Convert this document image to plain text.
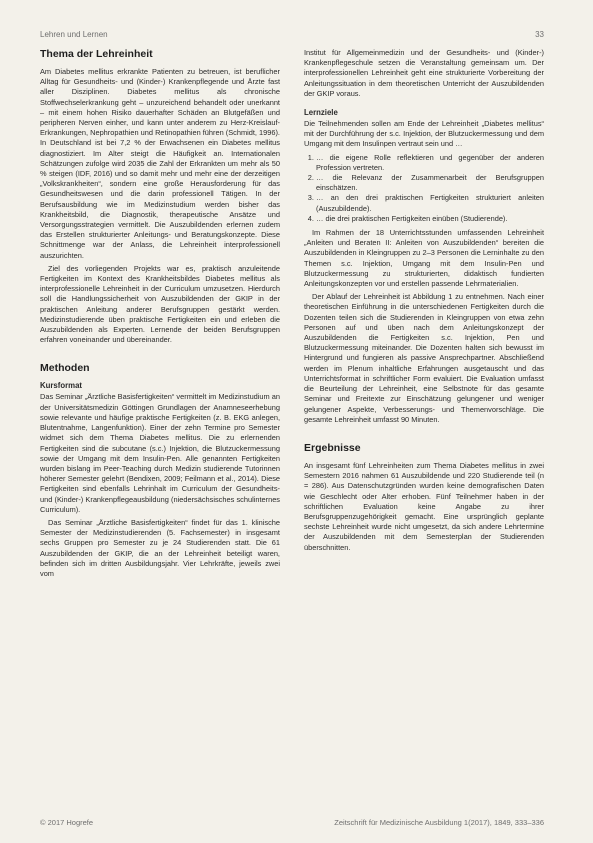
Lehren und Lernen	33
Thema der Lehreinheit

Am Diabetes mellitus erkrankte Patienten zu betreuen, ist beruflicher Alltag für Gesundheits- und (Kinder-) Krankenpflegende und Ärzte fast aller Disziplinen. Diabetes mellitus als chronische Stoffwechselerkrankung geht – unzureichend behandelt oder unerkannt – mit einem hohen Risiko dauerhafter Schäden an Blutgefäßen und peripheren Nerven einher, und kann unter anderem zu Herz-Kreislauf-Erkrankungen, Nephropathien und Retinopathien führen (Schmidt, 1996). In Deutschland ist bei 7,2 % der Erwachsenen ein Diabetes mellitus diagnostiziert. Im Alter steigt die Häufigkeit an. Internationalen Schätzungen zufolge wird 2035 die Zahl der Erkrankten um mehr als 50 % steigen (IDF, 2016) und so damit mehr und mehr eine der derzeitigen „Volkskrankheiten“, sondern eine große Herausforderung für das Gesundheitswesen und die darin professionell Tätigen. In der Berufsausbildung wie im Medizinstudium werden bisher das Krankheitsbild, die Diagnostik, therapeutische Ansätze und Versorgungsstrategien vermittelt. Die Auszubildenden erlernen zudem das Erstellen strukturierter Anleitungs- und Beratungskonzepte. Diese Schnittmenge war der Anlass, die Lehreinheit interprofessionell auszurichten.

Ziel des vorliegenden Projekts war es, praktisch anzuleitende Fertigkeiten im Kontext des Krankheitsbildes Diabetes mellitus als interprofessionelle Lehreinheit in der Curriculum umzusetzen. Hierdurch soll die Handlungssicherheit von Auszubildenden der GKIP in der praktischen Anleitung anderer Berufsgruppen gestärkt werden. Medizinstudierende üben praktische Fertigkeiten ein und erleben die Auszubildenden als Experten. Lernende der beiden Berufsgruppen erfahren voneinander und übereinander.

Methoden
Kursformat

Das Seminar „Ärztliche Basisfertigkeiten“ vermittelt im Medizinstudium an der Universitätsmedizin Göttingen Grundlagen der Anamneseerhebung sowie relevante und häufige praktische Fertigkeiten (z. B. EKG anlegen, Blutentnahme, Langenfunktion). Einer der zehn Termine pro Semester widmet sich dem Thema Diabetes mellitus. Die zu erlernenden Fertigkeiten sind die subcutane (s.c.) Injektion, die Blutzuckermessung sowie der Umgang mit dem Insulin-Pen. Alle genannten Fertigkeiten wurden bislang im Peer-Teaching durch Medizin studierende Tutorinnen höherer Semester gelehrt (Bendixen, 2009; Feilmann et al., 2014). Diese Fertigkeiten sind ebenfalls Lehrinhalt im Curriculum der Gesundheits- und (Kinder-) Krankenpflegeausbildung (niedersächsisches schulinternes Curriculum).

Das Seminar „Ärztliche Basisfertigkeiten“ findet für das 1. klinische Semester der Medizinstudierenden (5. Fachsemester) in insgesamt sechs Gruppen pro Semester zu je 24 Studierenden statt. Die 61 Auszubildenden der GKIP, die an der Lehreinheit beteiligt waren, befinden sich im dritten Ausbildungsjahr. Vier Lehrkräfte, jeweils zwei vom

Institut für Allgemeinmedizin und der Gesundheits- und (Kinder-) Krankenpflegeschule setzen die Veranstaltung gemeinsam um. Der interprofessionellen Lehreinheit geht eine strukturierte Vorbereitung der Anleitungssituation in dem theoretischen Unterricht der Auszubildenden der GKIP voraus.

Lernziele

Die Teilnehmenden sollen am Ende der Lehreinheit „Diabetes mellitus“ mit der Durchführung der s.c. Injektion, der Blutzuckermessung und dem Umgang mit dem Insulinpen vertraut sein und …

1. … die eigene Rolle reflektieren und gegenüber der anderen Profession vertreten.
2. … die Relevanz der Zusammenarbeit der Berufsgruppen einschätzen.
3. … an den drei praktischen Fertigkeiten strukturiert anleiten (Auszubildende).
4. … die drei praktischen Fertigkeiten einüben (Studierende).

Im Rahmen der 18 Unterrichtsstunden umfassenden Lehreinheit „Anleiten und Beraten II: Anleiten von Auszubildenden“ bereiten die Auszubildenden in Kleingruppen zu 2–3 Personen die Lerninhalte zu den Themen s.c. Injektion, Umgang mit dem Insulin-Pen und Blutzuckermessung zu strukturierten, didaktisch fundierten Anleitungskonzepten vor und erstellen passende Lehrmaterialien.

Der Ablauf der Lehreinheit ist Abbildung 1 zu entnehmen. Nach einer theoretischen Einführung in die unterschiedenen Fertigkeiten durch die Dozenten teilen sich die Studierenden in Kleingruppen von etwa zehn Personen auf und üben nach dem Anleitungskonzept der Auszubildenden die Fertigkeiten s.c. Injektion, Pen und Blutzuckermessung miteinander. Die Dozenten halten sich bewusst im Hintergrund und fungieren als passive Ansprechpartner. Abschließend werden im Plenum inhaltliche Erfahrungen ausgetauscht und das Unterrichtsformat in schriftlicher Form evaluiert. Die Evaluation umfasst die Beurteilung der Lehreinheit, eine Selbstnote für das gesamte Seminar und Freitexte zur Einschätzung gelungener und weniger gelungener Aspekte, Verbesserungs- und Themenvorschläge. Die gesamte Lehreinheit umfasst 90 Minuten.

Ergebnisse

An insgesamt fünf Lehreinheiten zum Thema Diabetes mellitus in zwei Semestern 2016 nahmen 61 Auszubildende und 220 Studierende teil (n = 286). Aus Datenschutzgründen wurden keine demografischen Daten wie Geschlecht oder Alter erhoben. Fünf Teilnehmer haben in der schriftlichen Evaluation keine Angabe zu ihrer Berufsgruppenzugehörigkeit gemacht. Eine ursprünglich geplante sechste Lehreinheit wurde nicht umgesetzt, da sich andere Lehrtermine der Auszubildenden mit dem Semesterplan der Studierenden überschnitten.

© 2017 Hogrefe	Zeitschrift für Medizinische Ausbildung 1(2017), 1849, 333–336
